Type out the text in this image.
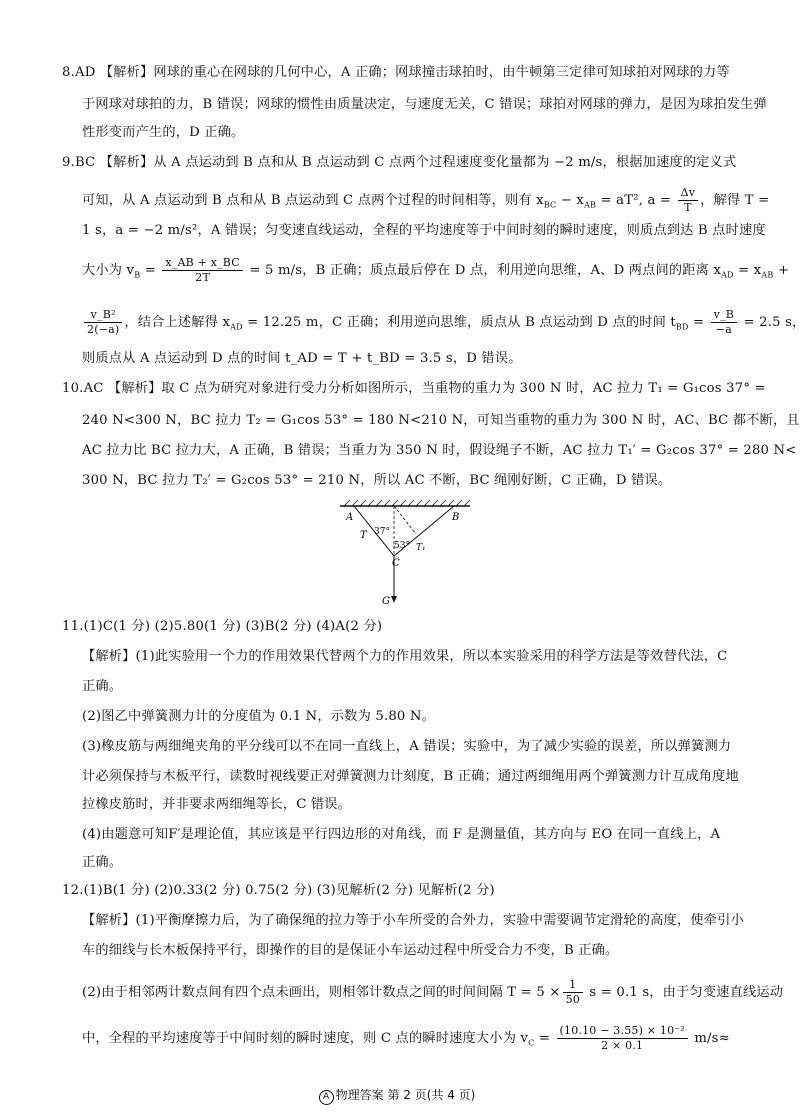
8.AD 【解析】网球的重心在网球的几何中心，A 正确；网球撞击球拍时，由牛顿第三定律可知球拍对网球的力等
于网球对球拍的力，B 错误；网球的惯性由质量决定，与速度无关，C 错误；球拍对网球的弹力，是因为球拍发生弹
性形变而产生的，D 正确。
9.BC 【解析】从 A 点运动到 B 点和从 B 点运动到 C 点两个过程速度变化量都为 −2 m/s，根据加速度的定义式
可知，从 A 点运动到 B 点和从 B 点运动到 C 点两个过程的时间相等，则有 $x_{BC} - x_{AB} = aT^2$, $a = \frac{\Delta v}{T}$ ，解得 T =
1 s，a = −2 m/s²，A 错误；匀变速直线运动，全程的平均速度等于中间时刻的瞬时速度，则质点到达 B 点时速度
大小为 $v_B = \frac{x\_AB + x\_BC}{2T} = 5$ m/s，B 正确；质点最后停在 D 点，利用逆向思维，A、D 两点间的距离 $x_{AD} = x_{AB}$ +
$\frac{\text{v\_B²}}{2(-a)}$ ，结合上述解得 $x_{AD} = 12.25$ m，C 正确；利用逆向思维，质点从 B 点运动到 D 点的时间 $t_{BD} = \frac{v\_B}{-a} = 2.5$ s，
则质点从 A 点运动到 D 点的时间 t_AD = T + t_BD = 3.5 s，D 错误。
10.AC 【解析】取 C 点为研究对象进行受力分析如图所示，当重物的重力为 300 N 时，AC 拉力 T₁ = G₁cos 37° =
240 N<300 N，BC 拉力 T₂ = G₁cos 53° = 180 N<210 N，可知当重物的重力为 300 N 时，AC、BC 都不断，且
AC 拉力比 BC 拉力大，A 正确，B 错误；当重力为 350 N 时，假设绳子不断，AC 拉力 T₁′ = G₂cos 37° = 280 N<
300 N，BC 拉力 T₂′ = G₂cos 53° = 210 N，所以 AC 不断，BC 绳刚好断，C 正确，D 错误。
A	B
C
G
T
T₁
37°
53°
11.(1)C(1 分) (2)5.80(1 分) (3)B(2 分) (4)A(2 分)
【解析】(1)此实验用一个力的作用效果代替两个力的作用效果，所以本实验采用的科学方法是等效替代法，C
正确。
(2)图乙中弹簧测力计的分度值为 0.1 N，示数为 5.80 N。
(3)橡皮筋与两细绳夹角的平分线可以不在同一直线上，A 错误；实验中，为了减少实验的误差，所以弹簧测力
计必须保持与木板平行，读数时视线要正对弹簧测力计刻度，B 正确；通过两细绳用两个弹簧测力计互成角度地
拉橡皮筋时，并非要求两细绳等长，C 错误。
(4)由题意可知F′是理论值，其应该是平行四边形的对角线，而 F 是测量值，其方向与 EO 在同一直线上，A
正确。
12.(1)B(1 分) (2)0.33(2 分) 0.75(2 分) (3)见解析(2 分) 见解析(2 分)
【解析】(1)平衡摩擦力后，为了确保绳的拉力等于小车所受的合外力，实验中需要调节定滑轮的高度，使牵引小
车的细线与长木板保持平行，即操作的目的是保证小车运动过程中所受合力不变，B 正确。
(2)由于相邻两计数点间有四个点未画出，则相邻计数点之间的时间间隔 $T = 5 \times \frac{1}{50}$ s = 0.1 s，由于匀变速直线运动
中，全程的平均速度等于中间时刻的瞬时速度，则 C 点的瞬时速度大小为 $v_C = \frac{\text{(10.10 − 3.55) × 10⁻²}}{2 \times 0.1} m/s\approx$
A 物理答案 第 2 页(共 4 页)
